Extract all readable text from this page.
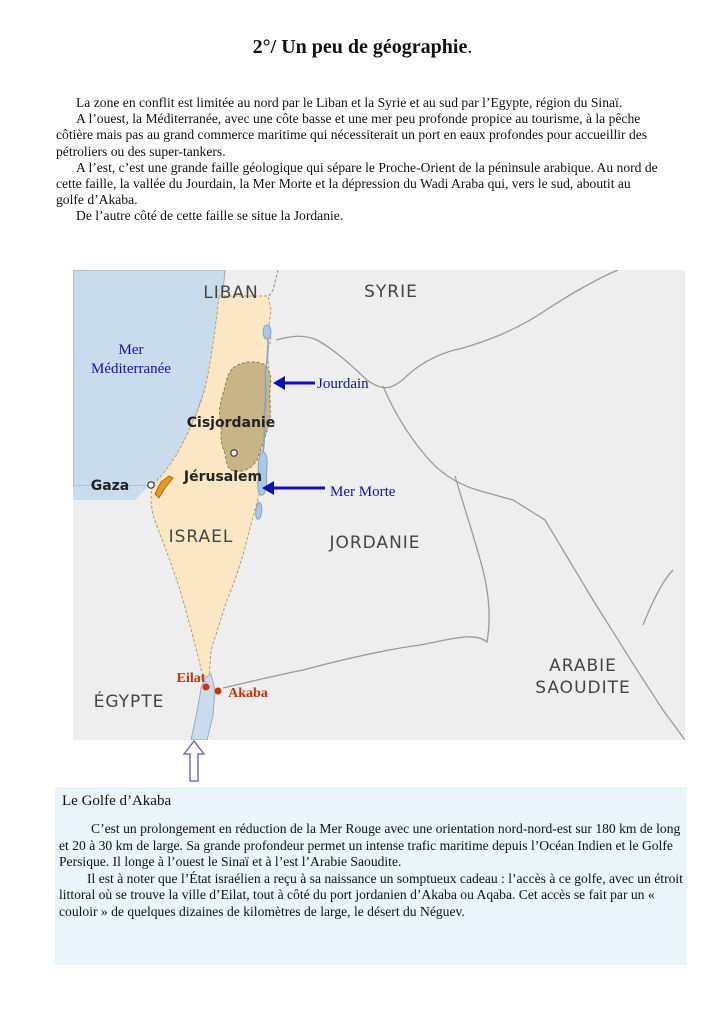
2°/ Un peu de géographie.

La zone en conflit est limitée au nord par le Liban et la Syrie et au sud par l’Egypte, région du Sinaï.

A l’ouest, la Méditerranée, avec une côte basse et une mer peu profonde propice au tourisme, à la pêche côtière mais pas au grand commerce maritime qui nécessiterait un port en eaux profondes pour accueillir des pétroliers ou des super-tankers.

A l’est, c’est une grande faille géologique qui sépare le Proche-Orient de la péninsule arabique. Au nord de cette faille, la vallée du Jourdain, la Mer Morte et la dépression du Wadi Araba qui, vers le sud, aboutit au golfe d’Akaba.

De l’autre côté de cette faille se situe la Jordanie.

LIBAN	SYRIE
Mer
Méditerranée
Jourdain
Cisjordanie
Jérusalem
Gaza	Mer Morte
ISRAEL	JORDANIE
Eilat
Akaba
ÉGYPTE
ARABIE
SAOUDITE
Le Golfe d’Akaba

C’est un prolongement en réduction de la Mer Rouge avec une orientation nord-nord-est sur 180 km de long et 20 à 30 km de large. Sa grande profondeur permet un intense trafic maritime depuis l’Océan Indien et le Golfe Persique. Il longe à l’ouest le Sinaï et à l’est l’Arabie Saoudite.

Il est à noter que l’État israélien a reçu à sa naissance un somptueux cadeau : l’accès à ce golfe, avec un étroit littoral où se trouve la ville d’Eilat, tout à côté du port jordanien d’Akaba ou Aqaba. Cet accès se fait par un « couloir » de quelques dizaines de kilomètres de large, le désert du Néguev.
